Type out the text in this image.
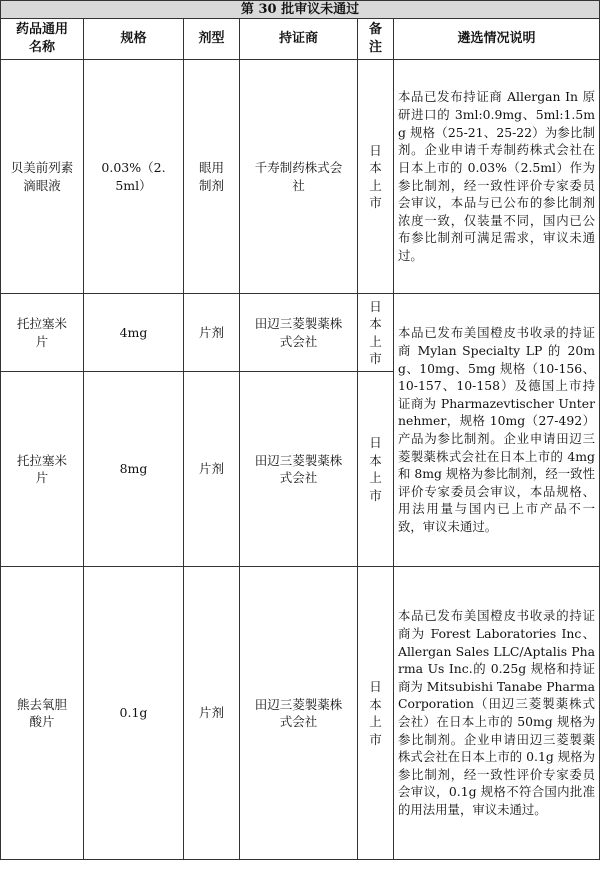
第 30 批审议未通过					
药品通用名称	规格	剂型	持证商	备注	遴选情况说明
贝美前列素滴眼液	0.03%（2.5ml）	眼用制剂	千寿制药株式会社	日本上市	本品已发布持证商 Allergan In 原研进口的 3ml:0.9mg、5ml:1.5mg 规格（25-21、25-22）为参比制剂。企业申请千寿制药株式会社在日本上市的 0.03%（2.5ml）作为参比制剂，经一致性评价专家委员会审议，本品与已公布的参比制剂浓度一致，仅装量不同，国内已公布参比制剂可满足需求，审议未通过。
托拉塞米片	4mg	片剂	田辺三菱製薬株式会社	日本上市	本品已发布美国橙皮书收录的持证商 Mylan Specialty LP 的 20mg、10mg、5mg 规格（10-156、10-157、10-158）及德国上市持证商为 Pharmazevtischer Unternehmer，规格 10mg（27-492）产品为参比制剂。企业申请田辺三菱製薬株式会社在日本上市的 4mg 和 8mg 规格为参比制剂，经一致性评价专家委员会审议，本品规格、用法用量与国内已上市产品不一致，审议未通过。
托拉塞米片	8mg	片剂	田辺三菱製薬株式会社	日本上市	
熊去氧胆酸片	0.1g	片剂	田辺三菱製薬株式会社	日本上市	本品已发布美国橙皮书收录的持证商为 Forest Laboratories Inc、Allergan Sales LLC/Aptalis Pharma Us Inc.的 0.25g 规格和持证商为 Mitsubishi Tanabe Pharma Corporation（田辺三菱製薬株式会社）在日本上市的 50mg 规格为参比制剂。企业申请田辺三菱製薬株式会社在日本上市的 0.1g 规格为参比制剂，经一致性评价专家委员会审议，0.1g 规格不符合国内批准的用法用量，审议未通过。
